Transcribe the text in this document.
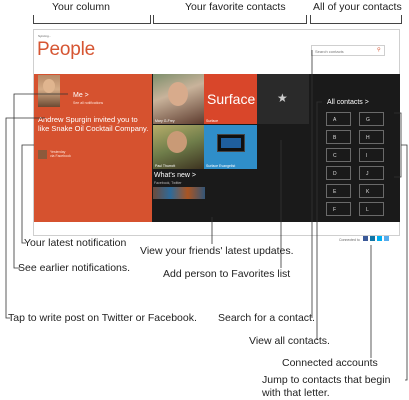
Your column	Your favorite contacts	All of your contacts
Syncing...
People	Search contacts	⚲
Me >
See all notifications
Andrew Spurgin invited you to like Snake Oil Cocktail Company.
Yesterday
via Facebook
Mary G-Frey
Surface
Surface
★
Paul Thurrott	Surface Evangelist
What's new >
Facebook, Twitter
All contacts >
A	G
B	H
C	I
D	J
E	K
F	L
Connected to
Your latest notification
See earlier notifications.
Tap to write post on Twitter or Facebook.
View your friends' latest updates.
Add person to Favorites list
Search for a contact.
View all contacts.
Connected accounts
Jump to contacts that begin with that letter.
